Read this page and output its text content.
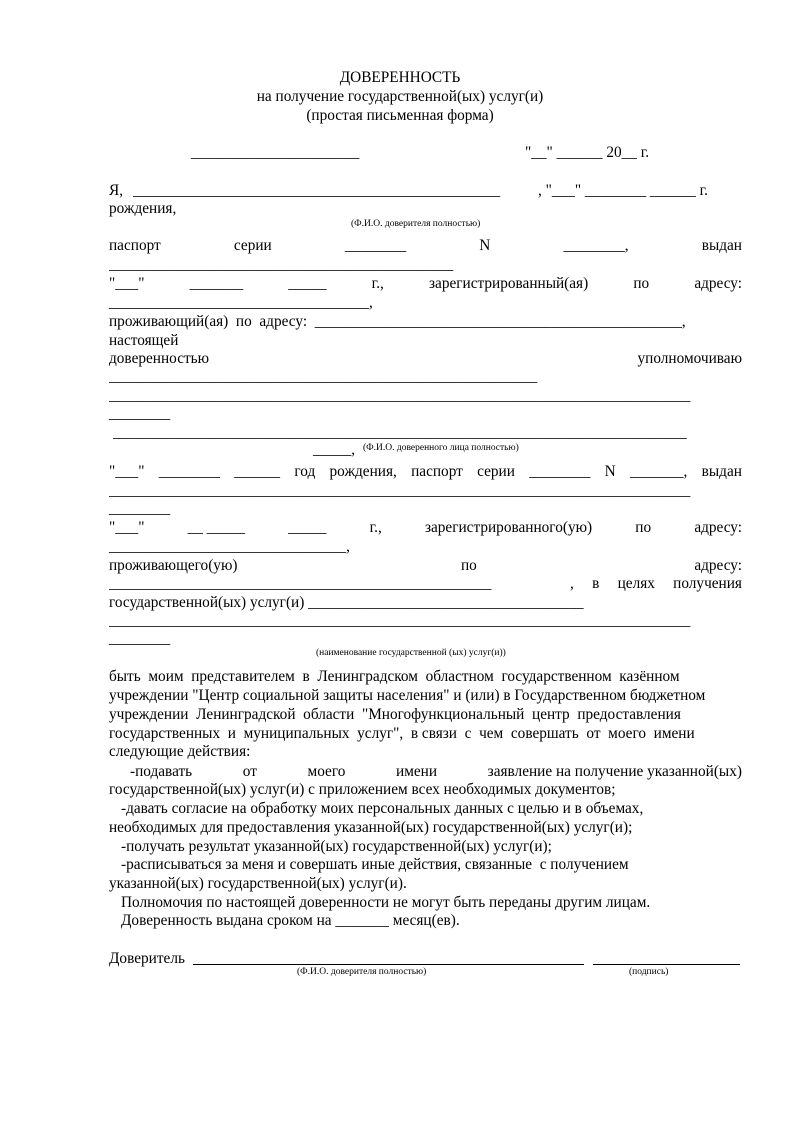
ДОВЕРЕННОСТЬ
на получение государственной(ых) услуг(и)
(простая письменная форма)
______________________	"__" ______ 20__ г.
Я, ________________________________________________	, "___" ________ ______ г.
рождения,
(Ф.И.О. доверителя полностью)
паспорт	серии	________	N	________,	выдан
_____________________________________________
"___"	_______	_____	г.,	зарегистрированный(ая)	по	адресу:
__________________________________,
проживающий(ая)  по  адресу:  ________________________________________________,
настоящей
доверенностью	уполномочиваю
________________________________________________________
____________________________________________________________________________
________
___________________________________________________________________________
_____, (Ф.И.О. доверенного лица полностью)
"___" ________ ______ год рождения, паспорт серии ________ N _______, выдан
____________________________________________________________________________
________
"___"	__ _____	_____	г.,	зарегистрированного(ую)	по	адресу:
_______________________________,
проживающего(ую)	по	адресу:
__________________________________________________	, в целях получения
государственной(ых) услуг(и) ____________________________________
____________________________________________________________________________
________
(наименование государственной (ых) услуг(и))
быть  моим  представителем  в  Ленинградском  областном  государственном  казённом
учреждении "Центр социальной защиты населения" и (или) в Государственном бюджетном
учреждении  Ленинградской  области  "Многофункциональный  центр  предоставления
государственных  и  муниципальных  услуг",  в связи  с  чем  совершать  от  моего  имени
следующие действия:
-подавать	от	моего	имени	заявление на получение указанной(ых)
государственной(ых) услуг(и) с приложением всех необходимых документов;
-давать согласие на обработку моих персональных данных с целью и в объемах,
необходимых для предоставления указанной(ых) государственной(ых) услуг(и);
-получать результат указанной(ых) государственной(ых) услуг(и);
-расписываться за меня и совершать иные действия, связанные  с получением
указанной(ых) государственной(ых) услуг(и).
Полномочия по настоящей доверенности не могут быть переданы другим лицам.
Доверенность выдана сроком на _______ месяц(ев).
Доверитель
(Ф.И.О. доверителя полностью)	(подпись)
